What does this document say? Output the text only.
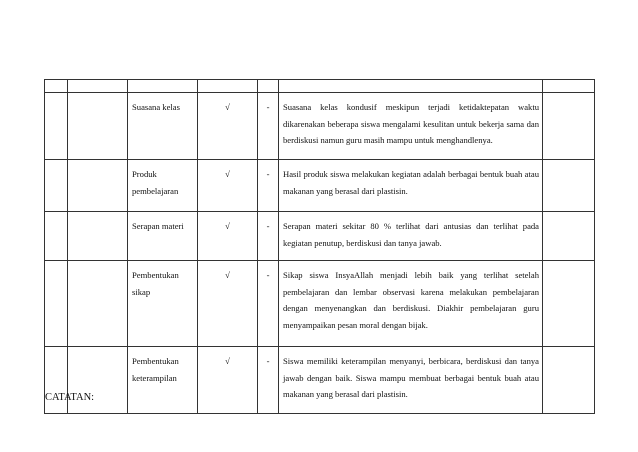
		Suasana kelas	√	-	Suasana kelas kondusif meskipun terjadi ketidaktepatan waktu dikarenakan beberapa siswa mengalami kesulitan untuk bekerja sama dan berdiskusi namun guru masih mampu untuk menghandlenya.	
		Produk pembelajaran	√	-	Hasil produk siswa melakukan kegiatan adalah berbagai bentuk buah atau makanan yang berasal dari plastisin.	
		Serapan materi	√	-	Serapan materi sekitar 80 % terlihat dari antusias dan terlihat pada kegiatan penutup, berdiskusi dan tanya jawab.	
		Pembentukan sikap	√	-	Sikap siswa InsyaAllah menjadi lebih baik yang terlihat setelah pembelajaran dan lembar observasi karena melakukan pembelajaran dengan menyenangkan dan berdiskusi. Diakhir pembelajaran guru menyampaikan pesan moral dengan bijak.	
		Pembentukan keterampilan	√	-	Siswa memiliki keterampilan menyanyi, berbicara, berdiskusi dan tanya jawab dengan baik. Siswa mampu membuat berbagai bentuk buah atau makanan yang berasal dari plastisin.	
CATATAN:
